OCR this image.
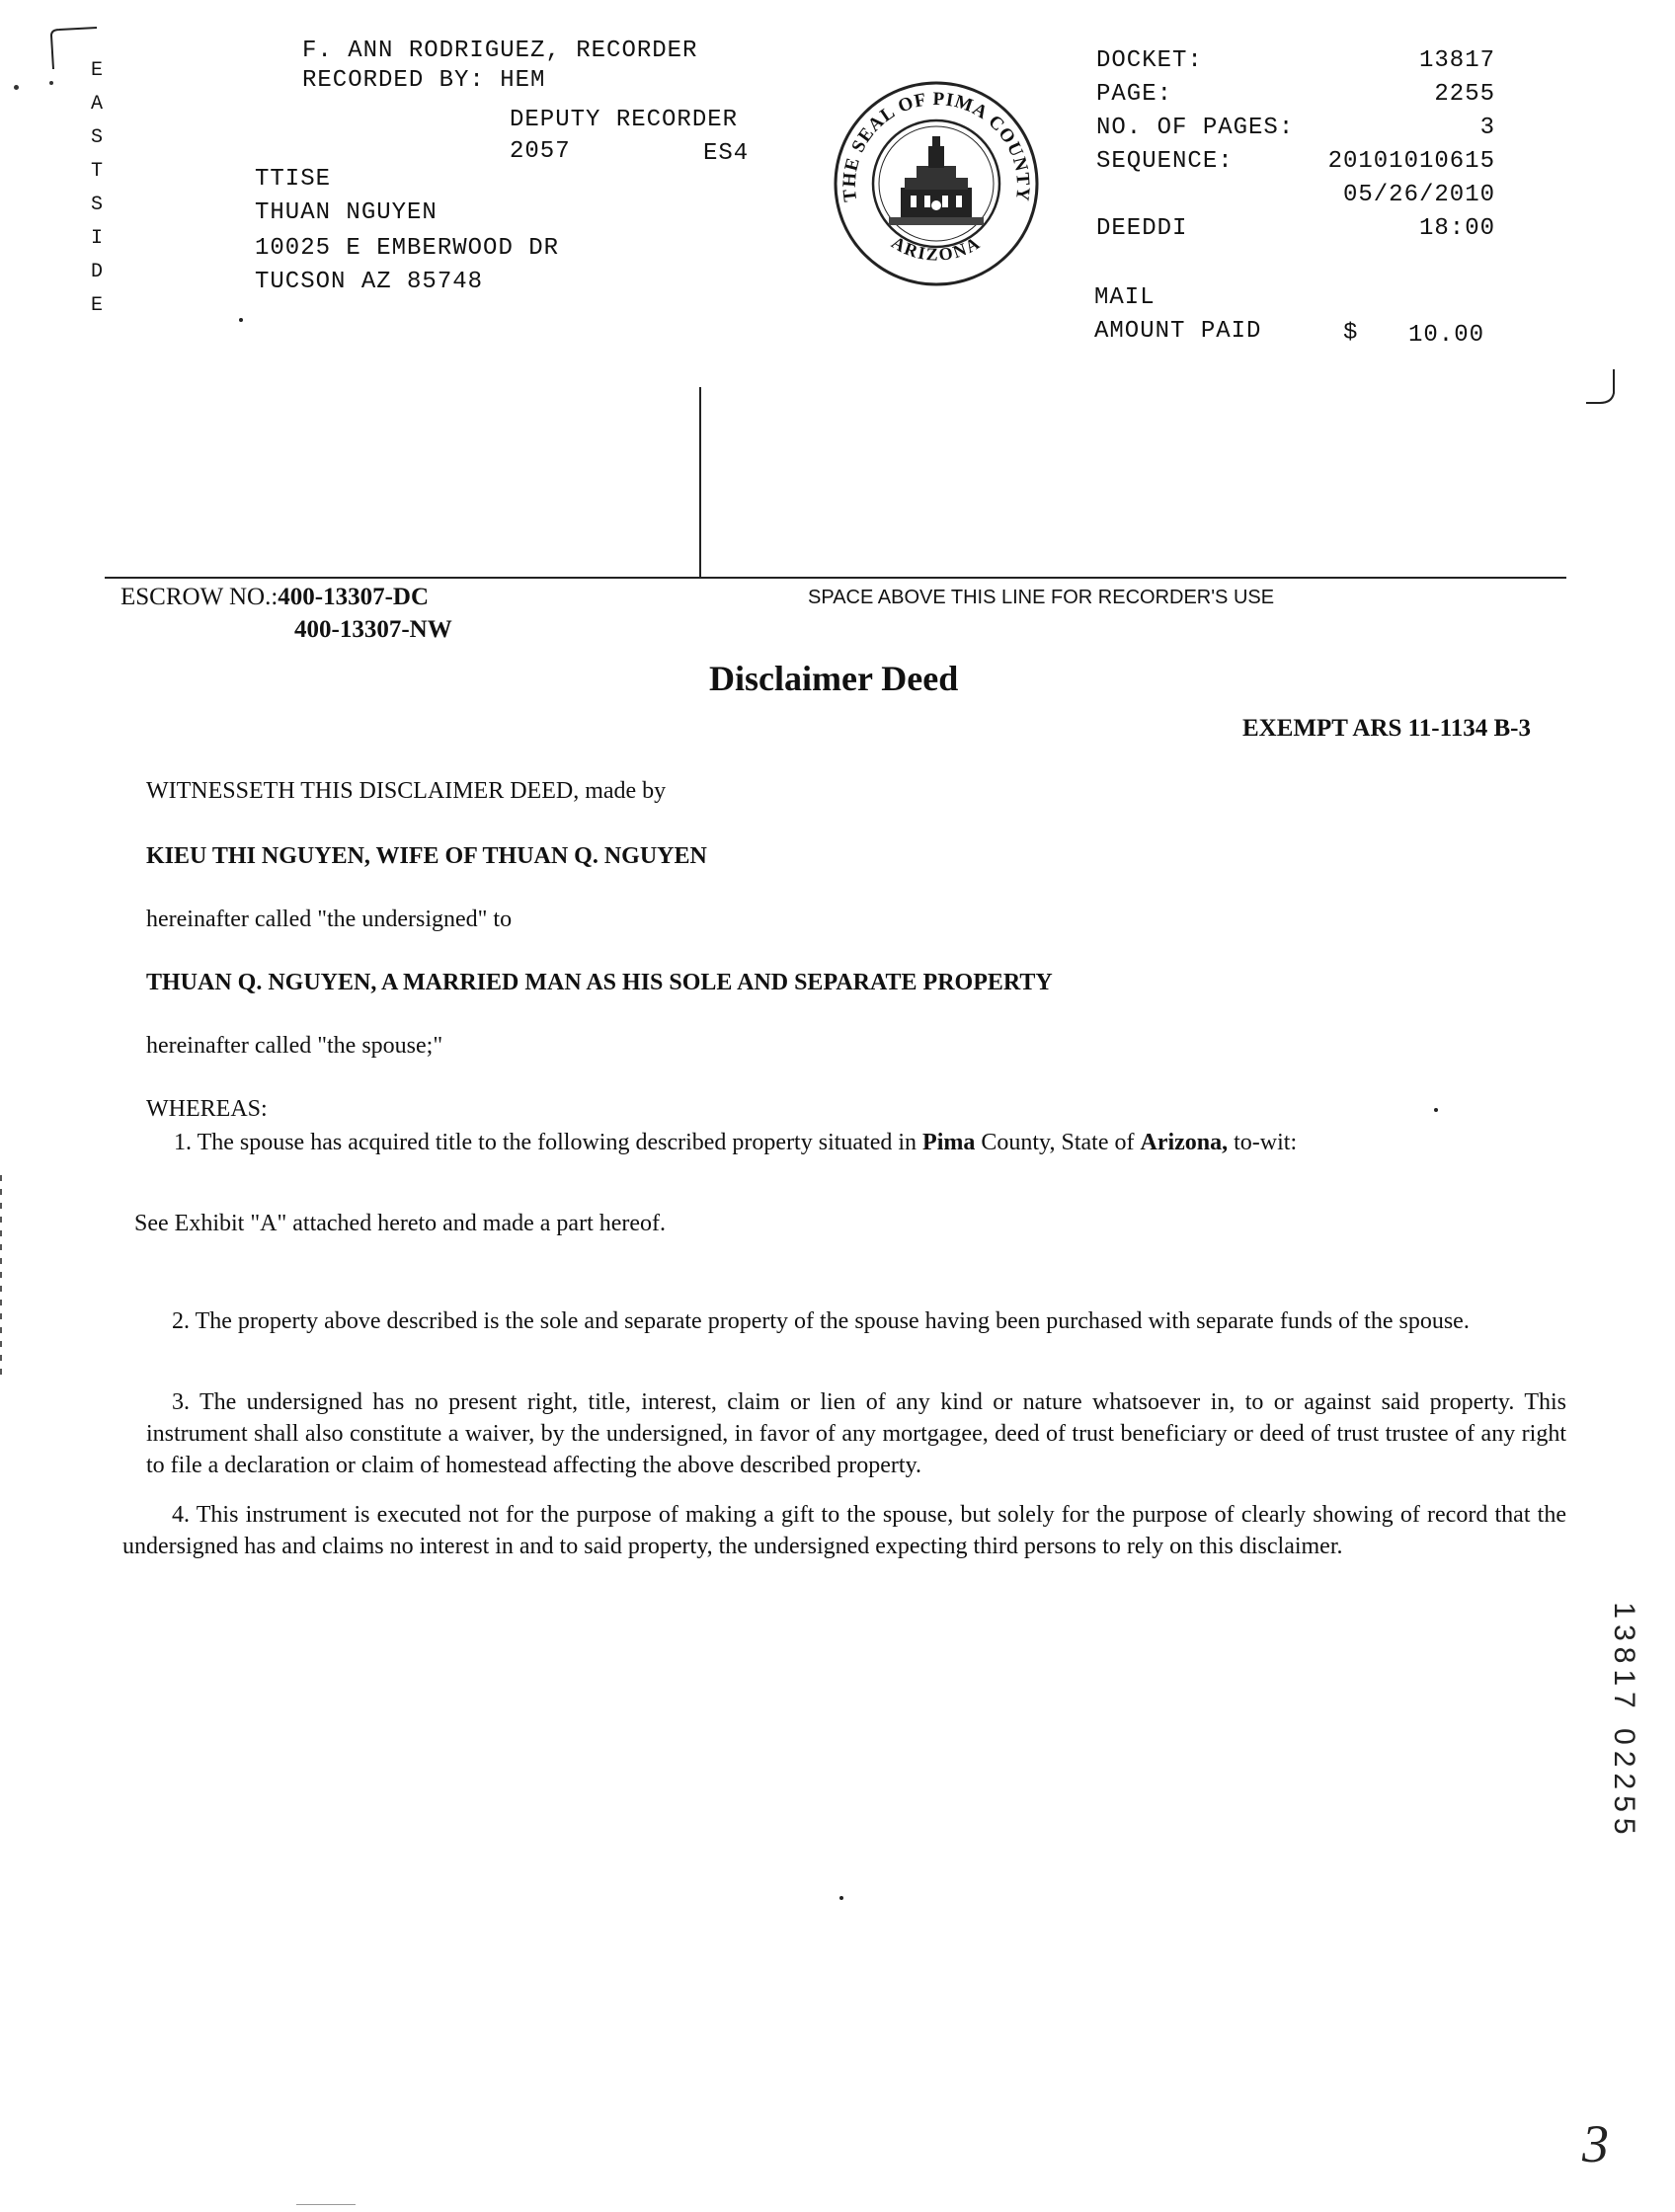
E
A
S
T
S
I
D
E
F. ANN RODRIGUEZ, RECORDER
RECORDED BY: HEM
DEPUTY RECORDER
2057	ES4
TTISE
THUAN NGUYEN
10025 E EMBERWOOD DR
TUCSON AZ 85748
THE SEAL OF PIMA COUNTY
ARIZONA
DOCKET:	13817
PAGE:	2255
NO. OF PAGES:	3
SEQUENCE:	20101010615
05/26/2010
DEEDDI	18:00
MAIL
AMOUNT PAID	$ 10.00
ESCROW NO.:400-13307-DC
400-13307-NW
SPACE ABOVE THIS LINE FOR RECORDER'S USE
Disclaimer Deed
EXEMPT ARS 11-1134 B-3
WITNESSETH THIS DISCLAIMER DEED, made by
KIEU THI NGUYEN, WIFE OF THUAN Q. NGUYEN
hereinafter called "the undersigned" to
THUAN Q. NGUYEN, A MARRIED MAN AS HIS SOLE AND SEPARATE PROPERTY
hereinafter called "the spouse;"
WHEREAS:
1. The spouse has acquired title to the following described property situated in Pima County, State of Arizona, to-wit:
See Exhibit "A" attached hereto and made a part hereof.
2. The property above described is the sole and separate property of the spouse having been purchased with separate funds of the spouse.
3. The undersigned has no present right, title, interest, claim or lien of any kind or nature whatsoever in, to or against said property. This instrument shall also constitute a waiver, by the undersigned, in favor of any mortgagee, deed of trust beneficiary or deed of trust trustee of any right to file a declaration or claim of homestead affecting the above described property.
4. This instrument is executed not for the purpose of making a gift to the spouse, but solely for the purpose of clearly showing of record that the undersigned has and claims no interest in and to said property, the undersigned expecting third persons to rely on this disclaimer.
13817 02255
3
